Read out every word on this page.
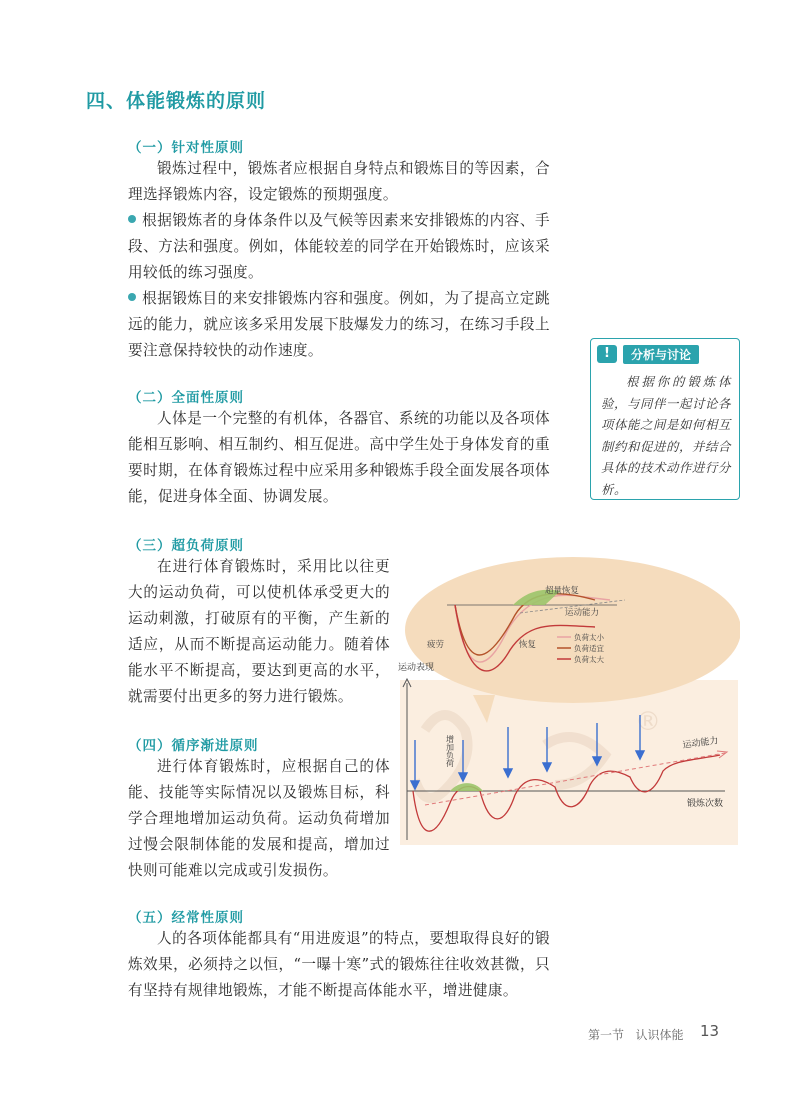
四、体能锻炼的原则
（一）针对性原则
锻炼过程中，锻炼者应根据自身特点和锻炼目的等因素，合理选择锻炼内容，设定锻炼的预期强度。
根据锻炼者的身体条件以及气候等因素来安排锻炼的内容、手段、方法和强度。例如，体能较差的同学在开始锻炼时，应该采用较低的练习强度。
根据锻炼目的来安排锻炼内容和强度。例如，为了提高立定跳远的能力，就应该多采用发展下肢爆发力的练习，在练习手段上要注意保持较快的动作速度。	!	分析与讨论
根据你的锻炼体验，与同伴一起讨论各项体能之间是如何相互制约和促进的，并结合具体的技术动作进行分析。
（二）全面性原则
人体是一个完整的有机体，各器官、系统的功能以及各项体能相互影响、相互制约、相互促进。高中学生处于身体发育的重要时期，在体育锻炼过程中应采用多种锻炼手段全面发展各项体能，促进身体全面、协调发展。
（三）超负荷原则
在进行体育锻炼时，采用比以往更大的运动负荷，可以使机体承受更大的运动刺激，打破原有的平衡，产生新的适应，从而不断提高运动能力。随着体能水平不断提高，要达到更高的水平，就需要付出更多的努力进行锻炼。
（四）循序渐进原则
进行体育锻炼时，应根据自己的体能、技能等实际情况以及锻炼目标，科学合理地增加运动负荷。运动负荷增加过慢会限制体能的发展和提高，增加过快则可能难以完成或引发损伤。
（五）经常性原则
人的各项体能都具有“用进废退”的特点，要想取得良好的锻炼效果，必须持之以恒，“一曝十寒”式的锻炼往往收效甚微，只有坚持有规律地锻炼，才能不断提高体能水平，增进健康。
®
超量恢复
运动能力
疲劳	恢复
负荷太小
负荷适宜
负荷太大
运动表现
锻炼次数
运动能力
增加负荷
第一节 认识体能 13
